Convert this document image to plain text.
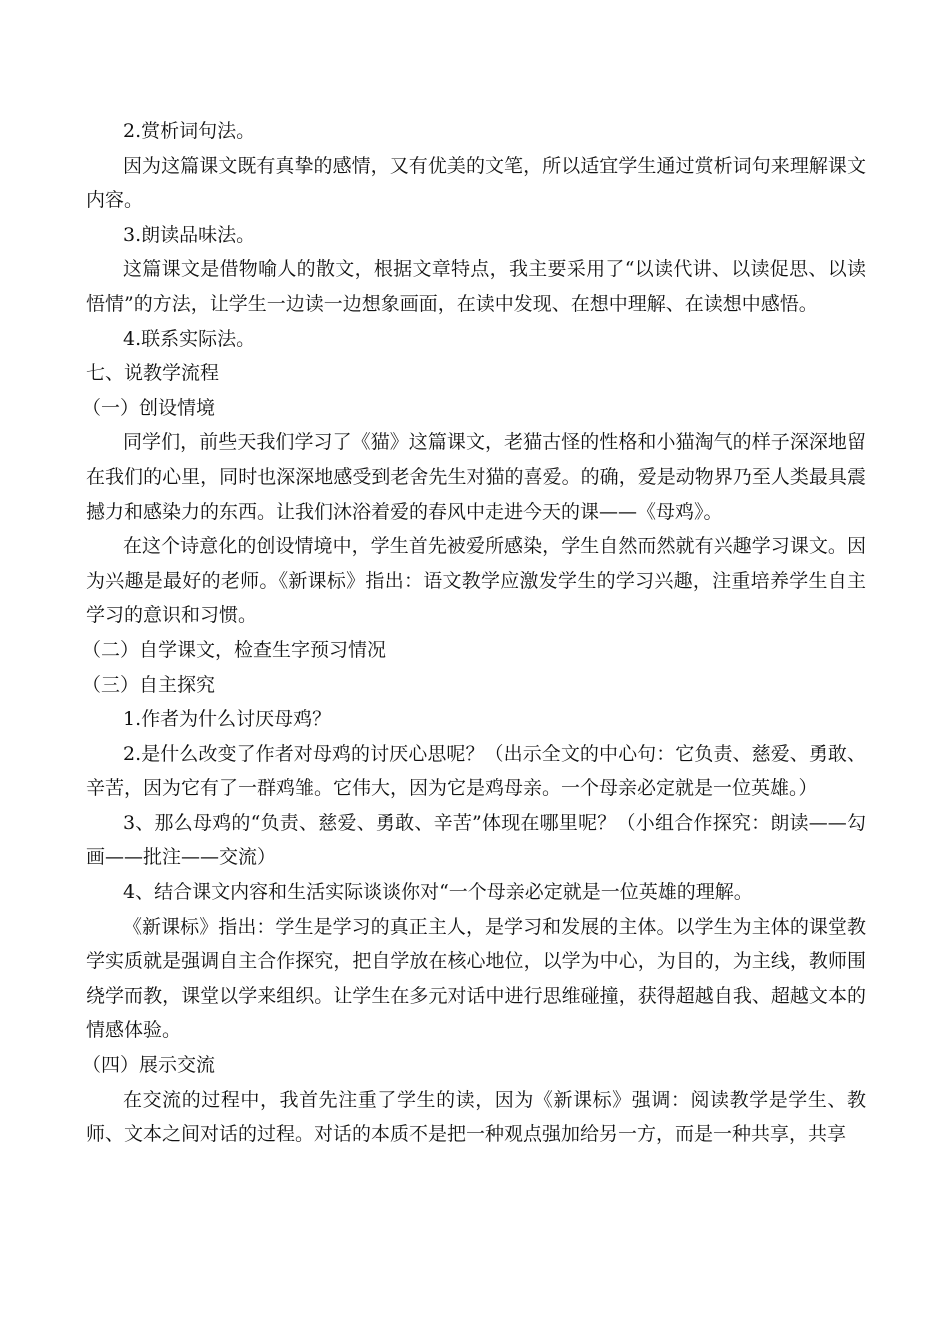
2.赏析词句法。

因为这篇课文既有真挚的感情，又有优美的文笔，所以适宜学生通过赏析词句来理解课文内容。

3.朗读品味法。

这篇课文是借物喻人的散文，根据文章特点，我主要采用了“以读代讲、以读促思、以读悟情”的方法，让学生一边读一边想象画面，在读中发现、在想中理解、在读想中感悟。

4.联系实际法。

七、说教学流程

（一）创设情境

同学们，前些天我们学习了《猫》这篇课文，老猫古怪的性格和小猫淘气的样子深深地留在我们的心里，同时也深深地感受到老舍先生对猫的喜爱。的确，爱是动物界乃至人类最具震撼力和感染力的东西。让我们沐浴着爱的春风中走进今天的课——《母鸡》。

在这个诗意化的创设情境中，学生首先被爱所感染，学生自然而然就有兴趣学习课文。因为兴趣是最好的老师。《新课标》指出：语文教学应激发学生的学习兴趣，注重培养学生自主学习的意识和习惯。

（二）自学课文，检查生字预习情况

（三）自主探究

1.作者为什么讨厌母鸡？

2.是什么改变了作者对母鸡的讨厌心思呢？（出示全文的中心句：它负责、慈爱、勇敢、辛苦，因为它有了一群鸡雏。它伟大，因为它是鸡母亲。一个母亲必定就是一位英雄。）

3、那么母鸡的“负责、慈爱、勇敢、辛苦”体现在哪里呢？（小组合作探究：朗读——勾画——批注——交流）

4、结合课文内容和生活实际谈谈你对“一个母亲必定就是一位英雄的理解。

《新课标》指出：学生是学习的真正主人，是学习和发展的主体。以学生为主体的课堂教学实质就是强调自主合作探究，把自学放在核心地位，以学为中心，为目的，为主线，教师围绕学而教，课堂以学来组织。让学生在多元对话中进行思维碰撞，获得超越自我、超越文本的情感体验。

（四）展示交流

在交流的过程中，我首先注重了学生的读，因为《新课标》强调：阅读教学是学生、教师、文本之间对话的过程。对话的本质不是把一种观点强加给另一方，而是一种共享，共享
